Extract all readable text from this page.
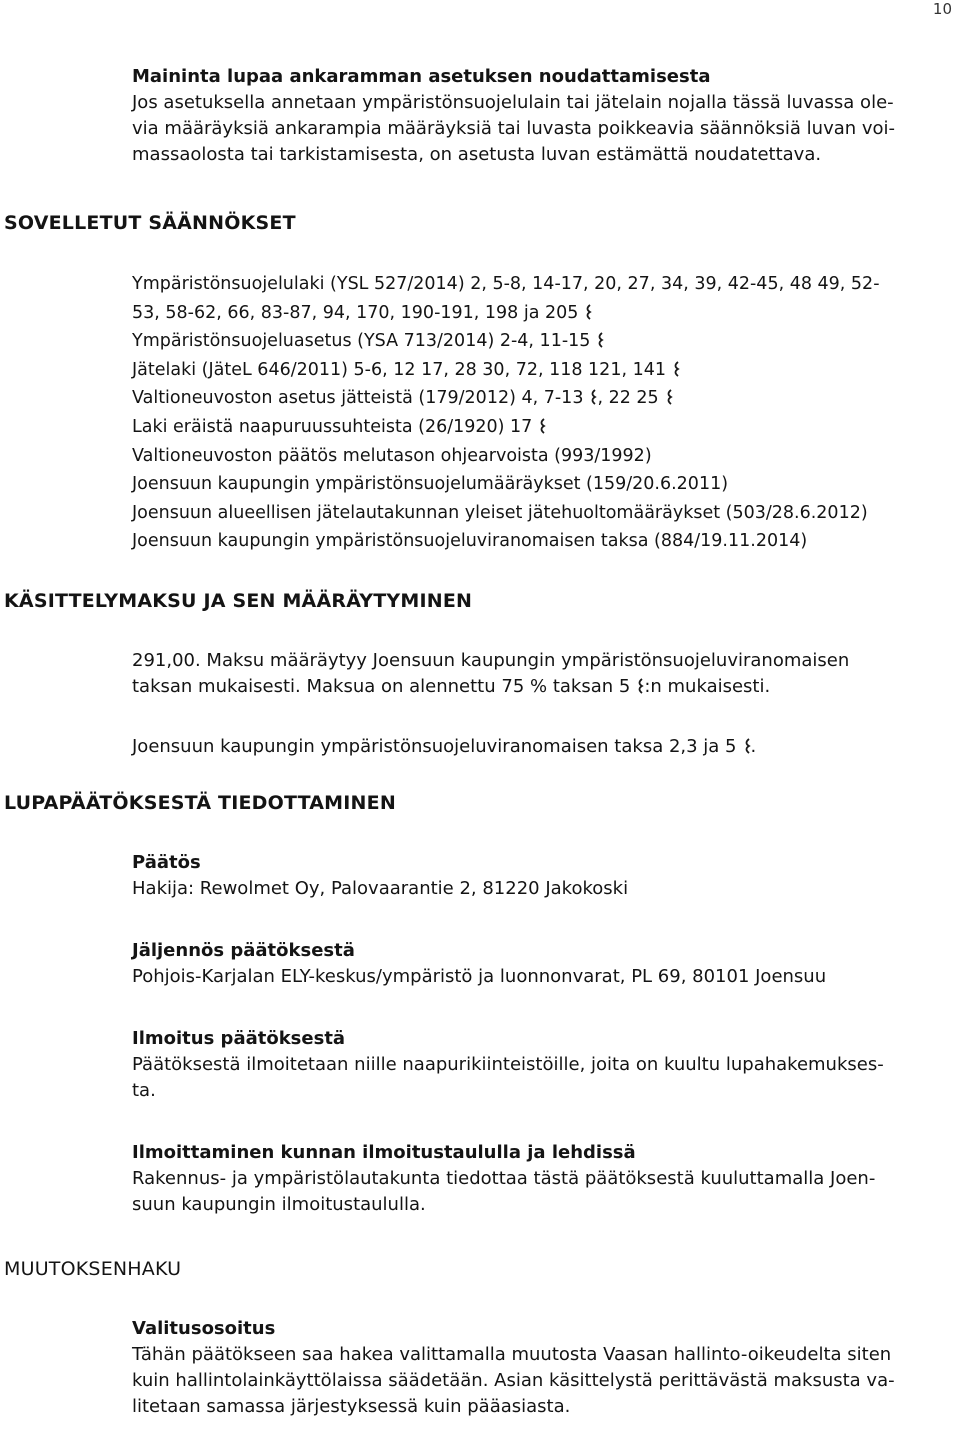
10

Maininta lupaa ankaramman asetuksen noudattamisesta

Jos asetuksella annetaan ympäristönsuojelulain tai jätelain nojalla tässä luvassa ole-

via määräyksiä ankarampia määräyksiä tai luvasta poikkeavia säännöksiä luvan voi-

massaolosta tai tarkistamisesta, on asetusta luvan estämättä noudatettava.

SOVELLETUT SÄÄNNÖKSET
Ympäristönsuojelulaki (YSL 527/2014) 2, 5-8, 14-17, 20, 27, 34, 39, 42-45, 48 49, 52-
53, 58-62, 66, 83-87, 94, 170, 190-191, 198 ja 205
Ympäristönsuojeluasetus (YSA 713/2014) 2-4, 11-15
Jätelaki (JäteL 646/2011) 5-6, 12 17, 28 30, 72, 118 121, 141
Valtioneuvoston asetus jätteistä (179/2012) 4, 7-13 , 22 25
Laki eräistä naapuruussuhteista (26/1920) 17
Valtioneuvoston päätös melutason ohjearvoista (993/1992)
Joensuun kaupungin ympäristönsuojelumääräykset (159/20.6.2011)
Joensuun alueellisen jätelautakunnan yleiset jätehuoltomääräykset (503/28.6.2012)
Joensuun kaupungin ympäristönsuojeluviranomaisen taksa (884/19.11.2014)
KÄSITTELYMAKSU JA SEN MÄÄRÄYTYMINEN

291,00. Maksu määräytyy Joensuun kaupungin ympäristönsuojeluviranomaisen

taksan mukaisesti. Maksua on alennettu 75 % taksan 5 :n mukaisesti.

Joensuun kaupungin ympäristönsuojeluviranomaisen taksa 2,3 ja 5 .

LUPAPÄÄTÖKSESTÄ TIEDOTTAMINEN

Päätös

Hakija: Rewolmet Oy, Palovaarantie 2, 81220 Jakokoski

Jäljennös päätöksestä

Pohjois-Karjalan ELY-keskus/ympäristö ja luonnonvarat, PL 69, 80101 Joensuu

Ilmoitus päätöksestä

Päätöksestä ilmoitetaan niille naapurikiinteistöille, joita on kuultu lupahakemukses-

ta.

Ilmoittaminen kunnan ilmoitustaululla ja lehdissä

Rakennus- ja ympäristölautakunta tiedottaa tästä päätöksestä kuuluttamalla Joen-

suun kaupungin ilmoitustaululla.

MUUTOKSENHAKU

Valitusosoitus

Tähän päätökseen saa hakea valittamalla muutosta Vaasan hallinto-oikeudelta siten

kuin hallintolainkäyttölaissa säädetään. Asian käsittelystä perittävästä maksusta va-

litetaan samassa järjestyksessä kuin pääasiasta.
